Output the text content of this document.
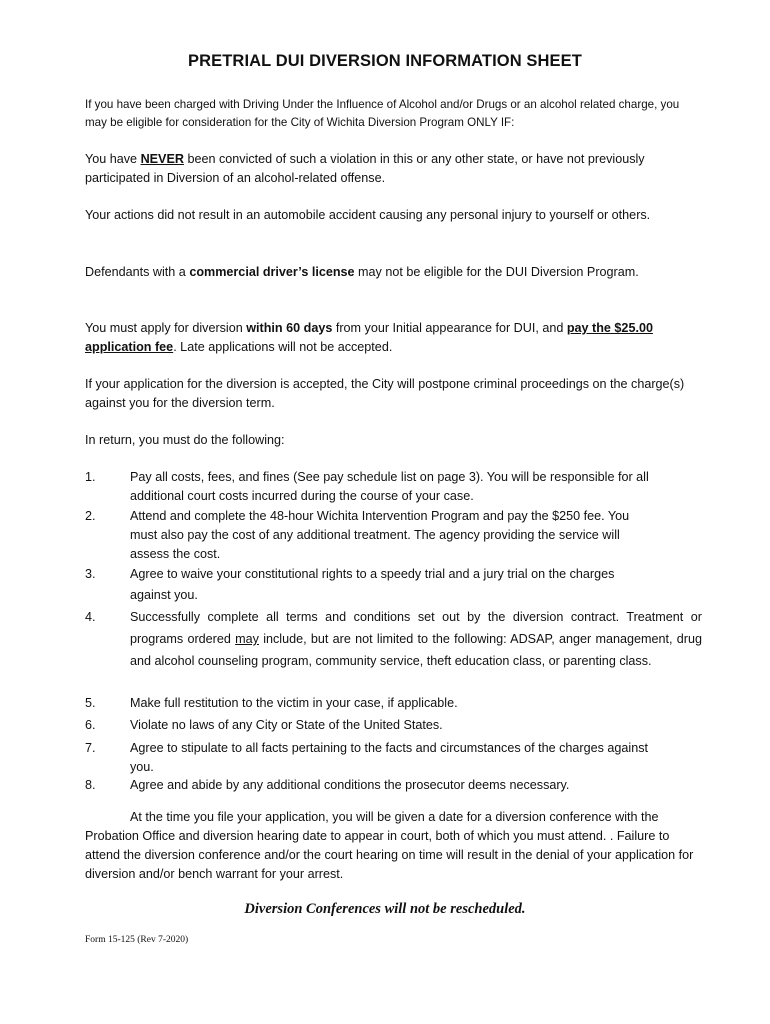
PRETRIAL DUI DIVERSION INFORMATION SHEET
If you have been charged with Driving Under the Influence of Alcohol and/or Drugs or an alcohol related charge, you may be eligible for consideration for the City of Wichita Diversion Program ONLY IF:
You have NEVER been convicted of such a violation in this or any other state, or have not previously participated in Diversion of an alcohol-related offense.
Your actions did not result in an automobile accident causing any personal injury to yourself or others.
Defendants with a commercial driver’s license may not be eligible for the DUI Diversion Program.
You must apply for diversion within 60 days from your Initial appearance for DUI, and pay the $25.00 application fee. Late applications will not be accepted.
If your application for the diversion is accepted, the City will postpone criminal proceedings on the charge(s) against you for the diversion term.
In return, you must do the following:
1.	Pay all costs, fees, and fines (See pay schedule list on page 3). You will be responsible for all additional court costs incurred during the course of your case.
2.	Attend and complete the 48-hour Wichita Intervention Program and pay the $250 fee. You must also pay the cost of any additional treatment. The agency providing the service will assess the cost.
3.	Agree to waive your constitutional rights to a speedy trial and a jury trial on the charges against you.
4.	Successfully complete all terms and conditions set out by the diversion contract. Treatment or programs ordered may include, but are not limited to the following: ADSAP, anger management, drug and alcohol counseling program, community service, theft education class, or parenting class.
5.	Make full restitution to the victim in your case, if applicable.
6.	Violate no laws of any City or State of the United States.
7.	Agree to stipulate to all facts pertaining to the facts and circumstances of the charges against you.
8.	Agree and abide by any additional conditions the prosecutor deems necessary.
At the time you file your application, you will be given a date for a diversion conference with the Probation Office and diversion hearing date to appear in court, both of which you must attend. . Failure to attend the diversion conference and/or the court hearing on time will result in the denial of your application for diversion and/or bench warrant for your arrest.
Diversion Conferences will not be rescheduled.
Form 15-125 (Rev 7-2020)
